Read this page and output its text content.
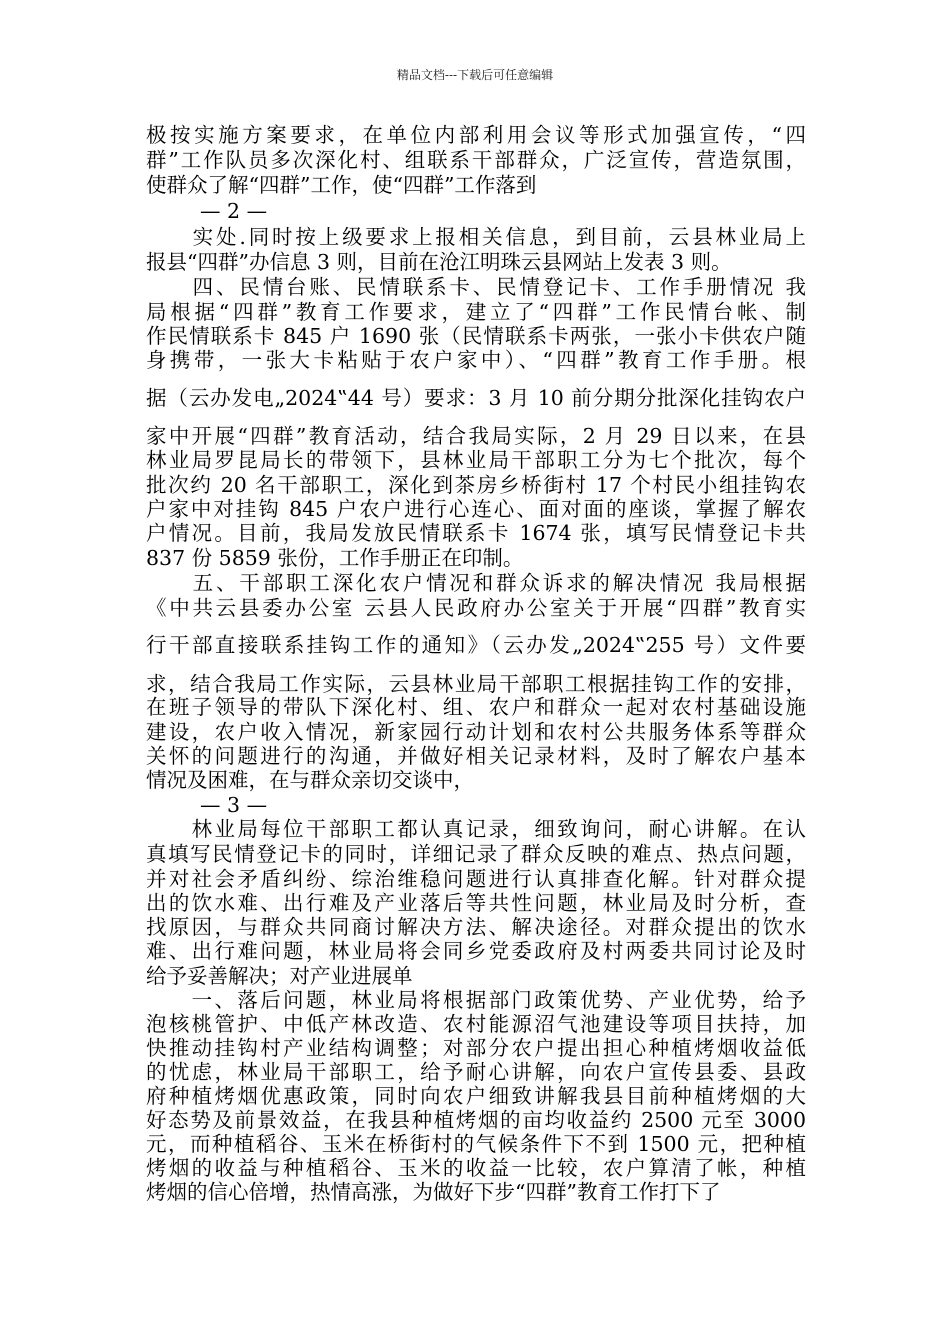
精品文档---下载后可任意编辑
极按实施方案要求，在单位内部利用会议等形式加强宣传，“四
群”工作队员多次深化村、组联系干部群众，广泛宣传，营造氛围，
使群众了解“四群”工作，使“四群”工作落到
— 2 —
　　实处.同时按上级要求上报相关信息，到目前，云县林业局上
报县“四群”办信息 3 则，目前在沧江明珠云县网站上发表 3 则。
　　四、民情台账、民情联系卡、民情登记卡、工作手册情况 我
局根据“四群”教育工作要求，建立了“四群”工作民情台帐、制
作民情联系卡 845 户 1690 张（民情联系卡两张，一张小卡供农户随
身携带，一张大卡粘贴于农户家中）、“四群”教育工作手册。根
据（云办发电„2024‟44 号）要求：3 月 10 前分期分批深化挂钩农户
家中开展“四群”教育活动，结合我局实际，2 月 29 日以来，在县
林业局罗昆局长的带领下，县林业局干部职工分为七个批次，每个
批次约 20 名干部职工，深化到茶房乡桥街村 17 个村民小组挂钩农
户家中对挂钩 845 户农户进行心连心、面对面的座谈，掌握了解农
户情况。目前，我局发放民情联系卡 1674 张，填写民情登记卡共
837 份 5859 张份，工作手册正在印制。
　　五、干部职工深化农户情况和群众诉求的解决情况 我局根据
《中共云县委办公室 云县人民政府办公室关于开展“四群”教育实
行干部直接联系挂钩工作的通知》（云办发„2024‟255 号）文件要
求，结合我局工作实际，云县林业局干部职工根据挂钩工作的安排，
在班子领导的带队下深化村、组、农户和群众一起对农村基础设施
建设，农户收入情况，新家园行动计划和农村公共服务体系等群众
关怀的问题进行的沟通，并做好相关记录材料，及时了解农户基本
情况及困难，在与群众亲切交谈中，
— 3 —
　　林业局每位干部职工都认真记录，细致询问，耐心讲解。在认
真填写民情登记卡的同时，详细记录了群众反映的难点、热点问题，
并对社会矛盾纠纷、综治维稳问题进行认真排查化解。针对群众提
出的饮水难、出行难及产业落后等共性问题，林业局及时分析，查
找原因，与群众共同商讨解决方法、解决途径。对群众提出的饮水
难、出行难问题，林业局将会同乡党委政府及村两委共同讨论及时
给予妥善解决；对产业进展单
　　一、落后问题，林业局将根据部门政策优势、产业优势，给予
泡核桃管护、中低产林改造、农村能源沼气池建设等项目扶持，加
快推动挂钩村产业结构调整；对部分农户提出担心种植烤烟收益低
的忧虑，林业局干部职工，给予耐心讲解，向农户宣传县委、县政
府种植烤烟优惠政策，同时向农户细致讲解我县目前种植烤烟的大
好态势及前景效益，在我县种植烤烟的亩均收益约 2500 元至 3000
元，而种植稻谷、玉米在桥街村的气候条件下不到 1500 元，把种植
烤烟的收益与种植稻谷、玉米的收益一比较，农户算清了帐，种植
烤烟的信心倍增，热情高涨，为做好下步“四群”教育工作打下了
